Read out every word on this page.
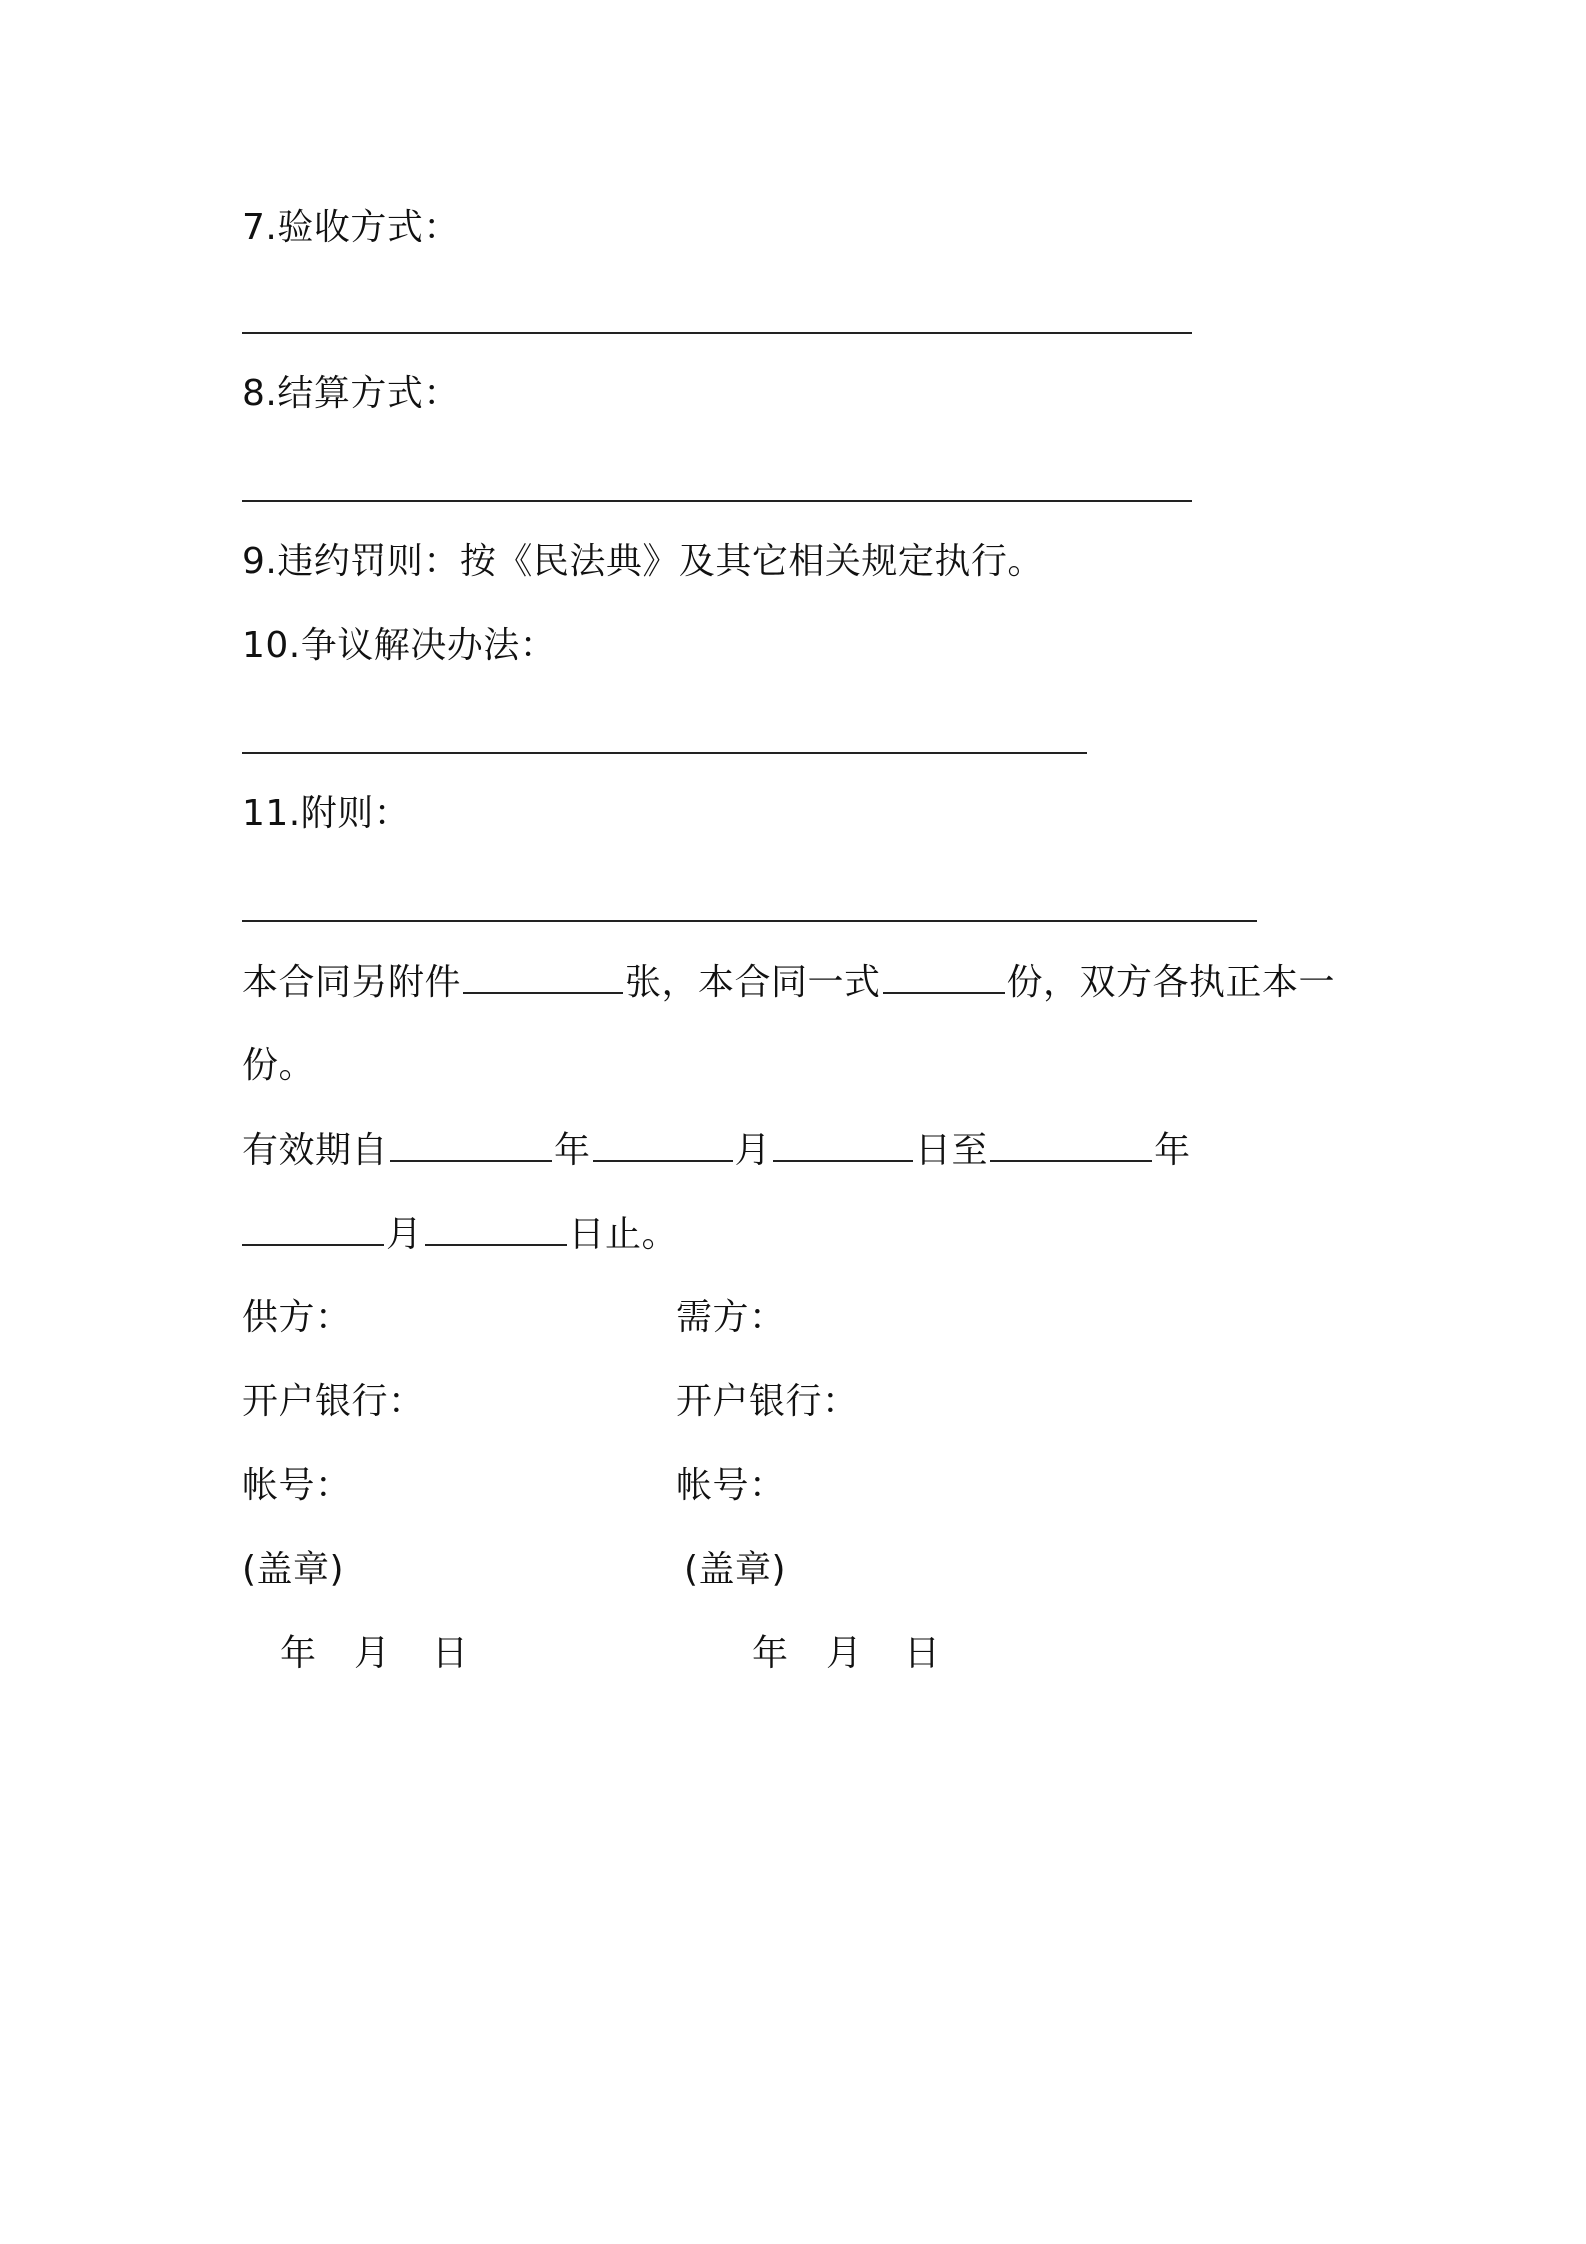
7.验收方式：
8.结算方式：
9.违约罚则：按《民法典》及其它相关规定执行。
10.争议解决办法：
11.附则：
本合同另附件	张，本合同一式	份，双方各执正本一
份。
有效期自	年	月	日至	年
月	日止。
供方：	需方：
开户银行：	开户银行：
帐号：	帐号：
(盖章)	(盖章)
年 月 日	年 月 日
